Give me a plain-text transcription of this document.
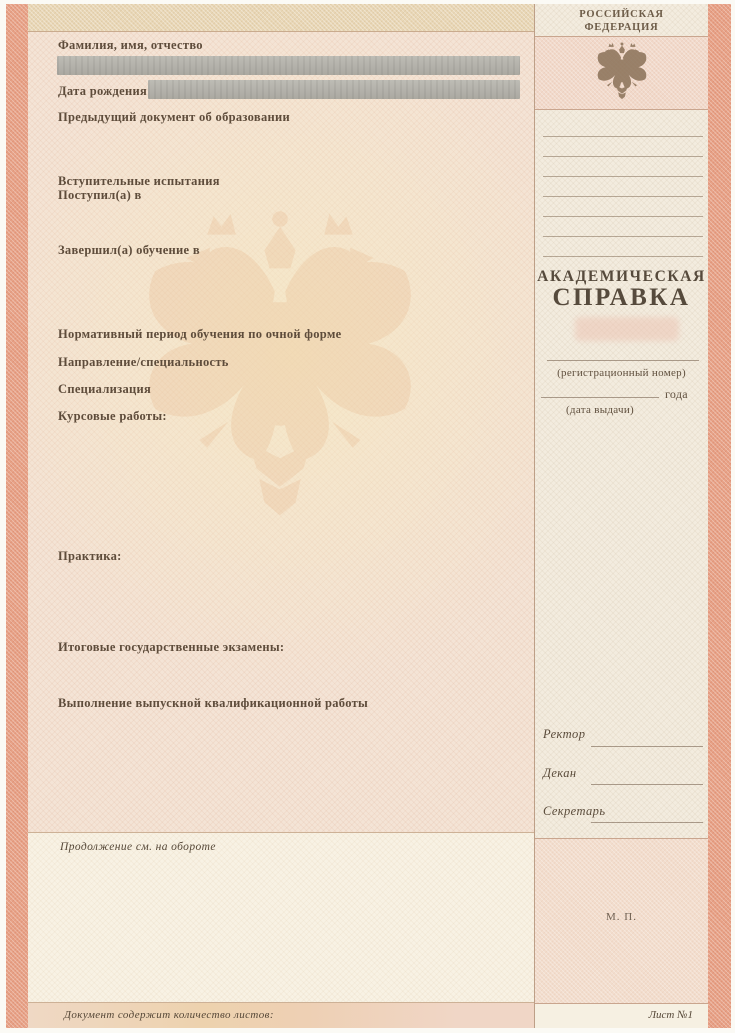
Фамилия, имя, отчество
Дата рождения
Предыдущий документ об образовании
Вступительные испытания
Поступил(а) в
Завершил(а) обучение в
Нормативный период обучения по очной форме
Направление/специальность
Специализация
Курсовые работы:
Практика:
Итоговые государственные экзамены:
Выполнение выпускной квалификационной работы
Продолжение см. на обороте
Документ содержит количество листов:
РОССИЙСКАЯ
ФЕДЕРАЦИЯ
АКАДЕМИЧЕСКАЯ
СПРАВКА
(регистрационный номер)
года
(дата выдачи)
Ректор
Декан
Секретарь
М. П.
Лист №1
